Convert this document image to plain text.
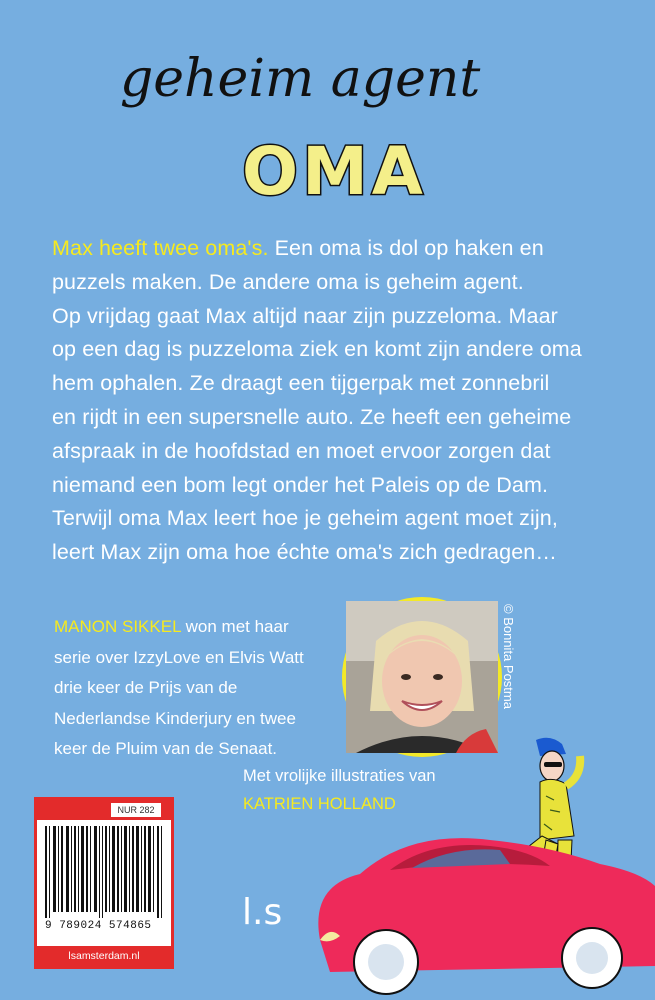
geheim agent
OMA

Max heeft twee oma's. Een oma is dol op haken en

puzzels maken. De andere oma is geheim agent.

Op vrijdag gaat Max altijd naar zijn puzzeloma. Maar

op een dag is puzzeloma ziek en komt zijn andere oma

hem ophalen. Ze draagt een tijgerpak met zonnebril

en rijdt in een supersnelle auto. Ze heeft een geheime

afspraak in de hoofdstad en moet ervoor zorgen dat

niemand een bom legt onder het Paleis op de Dam.

Terwijl oma Max leert hoe je geheim agent moet zijn,

leert Max zijn oma hoe échte oma's zich gedragen…

MANON SIKKEL won met haar

serie over IzzyLove en Elvis Watt

drie keer de Prijs van de

Nederlandse Kinderjury en twee

keer de Pluim van de Senaat.

© Bonnita Postma

Met vrolijke illustraties van

KATRIEN HOLLAND

NUR 282
9 789024 574865
lsamsterdam.nl
l.s
